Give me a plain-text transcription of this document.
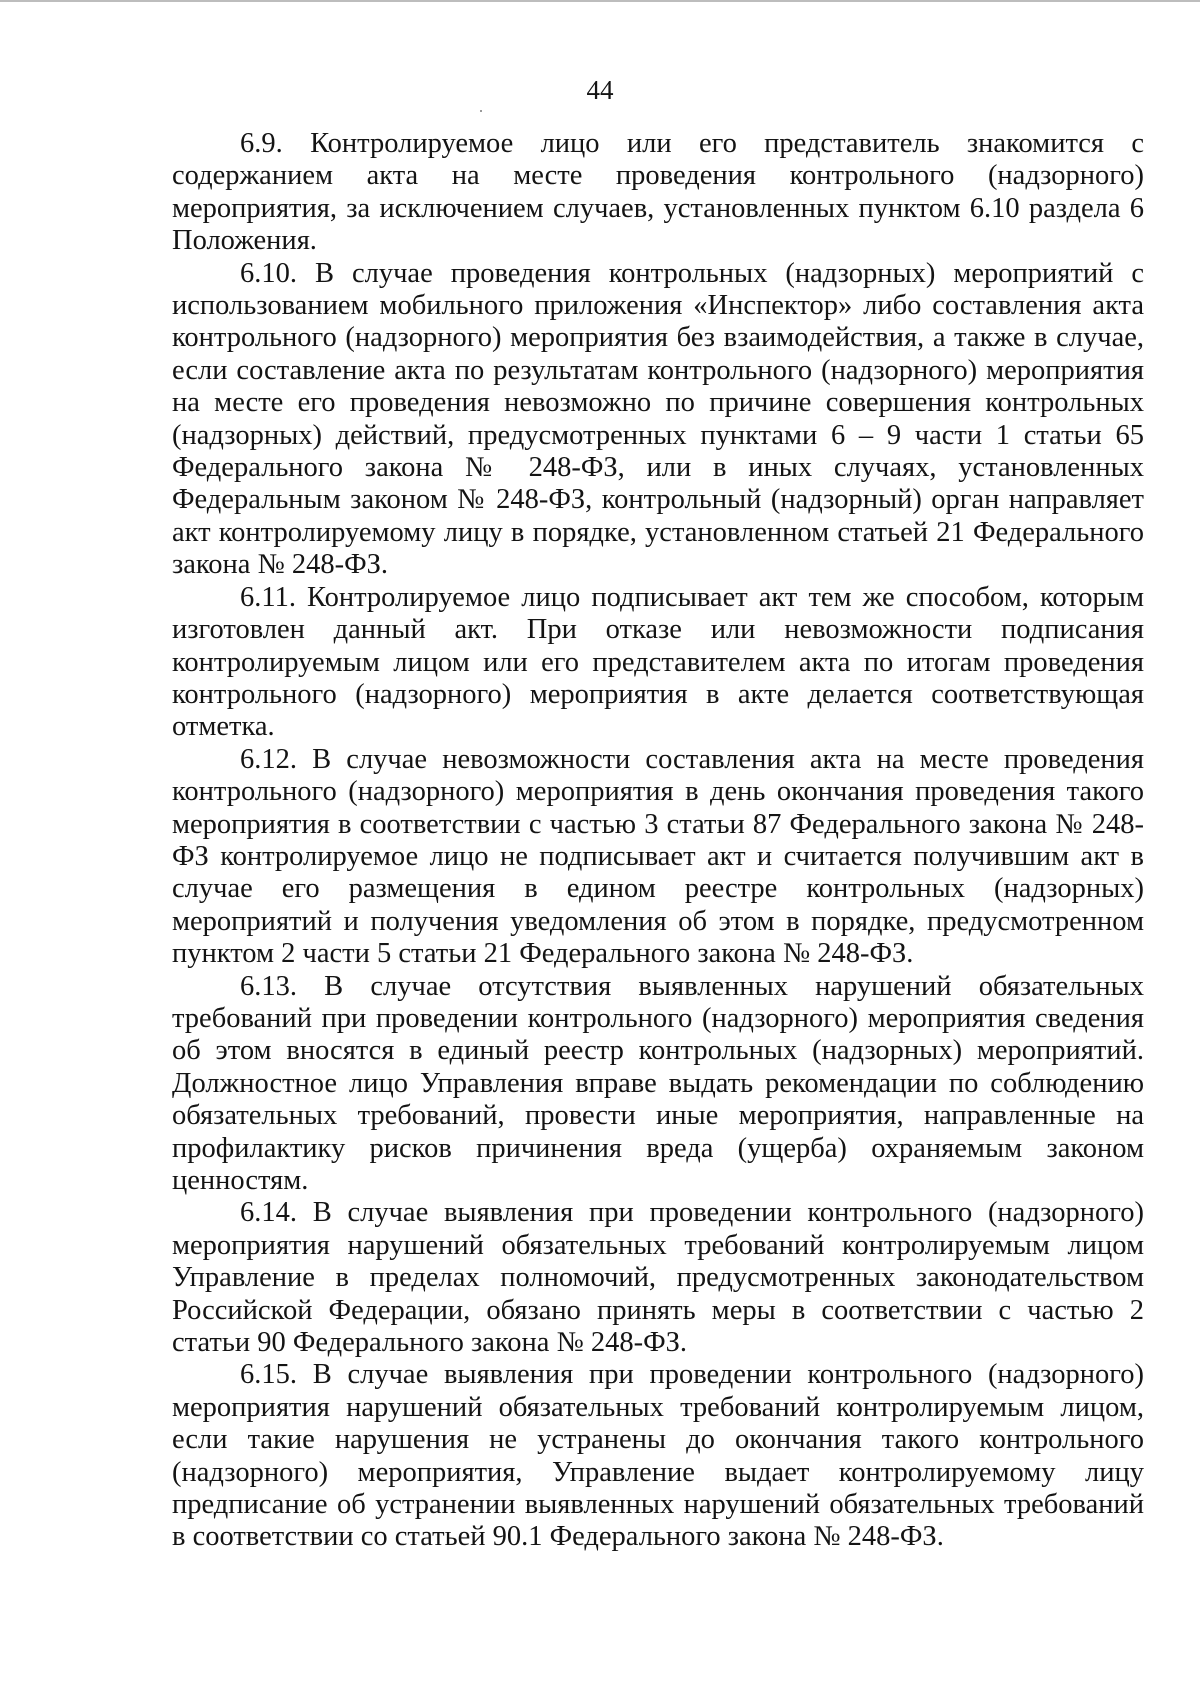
44

6.9. Контролируемое лицо или его представитель знакомится с содержанием акта на месте проведения контрольного (надзорного) мероприятия, за исключением случаев, установленных пунктом 6.10 раздела 6 Положения.

6.10. В случае проведения контрольных (надзорных) мероприятий с использованием мобильного приложения «Инспектор» либо составления акта контрольного (надзорного) мероприятия без взаимодействия, а также в случае, если составление акта по результатам контрольного (надзорного) мероприятия на месте его проведения невозможно по причине совершения контрольных (надзорных) действий, предусмотренных пунктами 6 – 9 части 1 статьи 65 Федерального закона № 248-ФЗ, или в иных случаях, установленных Федеральным законом № 248-ФЗ, контрольный (надзорный) орган направляет акт контролируемому лицу в порядке, установленном статьей 21 Федерального закона № 248-ФЗ.

6.11. Контролируемое лицо подписывает акт тем же способом, которым изготовлен данный акт. При отказе или невозможности подписания контролируемым лицом или его представителем акта по итогам проведения контрольного (надзорного) мероприятия в акте делается соответствующая отметка.

6.12. В случае невозможности составления акта на месте проведения контрольного (надзорного) мероприятия в день окончания проведения такого мероприятия в соответствии с частью 3 статьи 87 Федерального закона № 248-ФЗ контролируемое лицо не подписывает акт и считается получившим акт в случае его размещения в едином реестре контрольных (надзорных) мероприятий и получения уведомления об этом в порядке, предусмотренном пунктом 2 части 5 статьи 21 Федерального закона № 248-ФЗ.

6.13. В случае отсутствия выявленных нарушений обязательных требований при проведении контрольного (надзорного) мероприятия сведения об этом вносятся в единый реестр контрольных (надзорных) мероприятий. Должностное лицо Управления вправе выдать рекомендации по соблюдению обязательных требований, провести иные мероприятия, направленные на профилактику рисков причинения вреда (ущерба) охраняемым законом ценностям.

6.14. В случае выявления при проведении контрольного (надзорного) мероприятия нарушений обязательных требований контролируемым лицом Управление в пределах полномочий, предусмотренных законодательством Российской Федерации, обязано принять меры в соответствии с частью 2 статьи 90 Федерального закона № 248-ФЗ.

6.15. В случае выявления при проведении контрольного (надзорного) мероприятия нарушений обязательных требований контролируемым лицом, если такие нарушения не устранены до окончания такого контрольного (надзорного) мероприятия, Управление выдает контролируемому лицу предписание об устранении выявленных нарушений обязательных требований в соответствии со статьей 90.1 Федерального закона № 248-ФЗ.
